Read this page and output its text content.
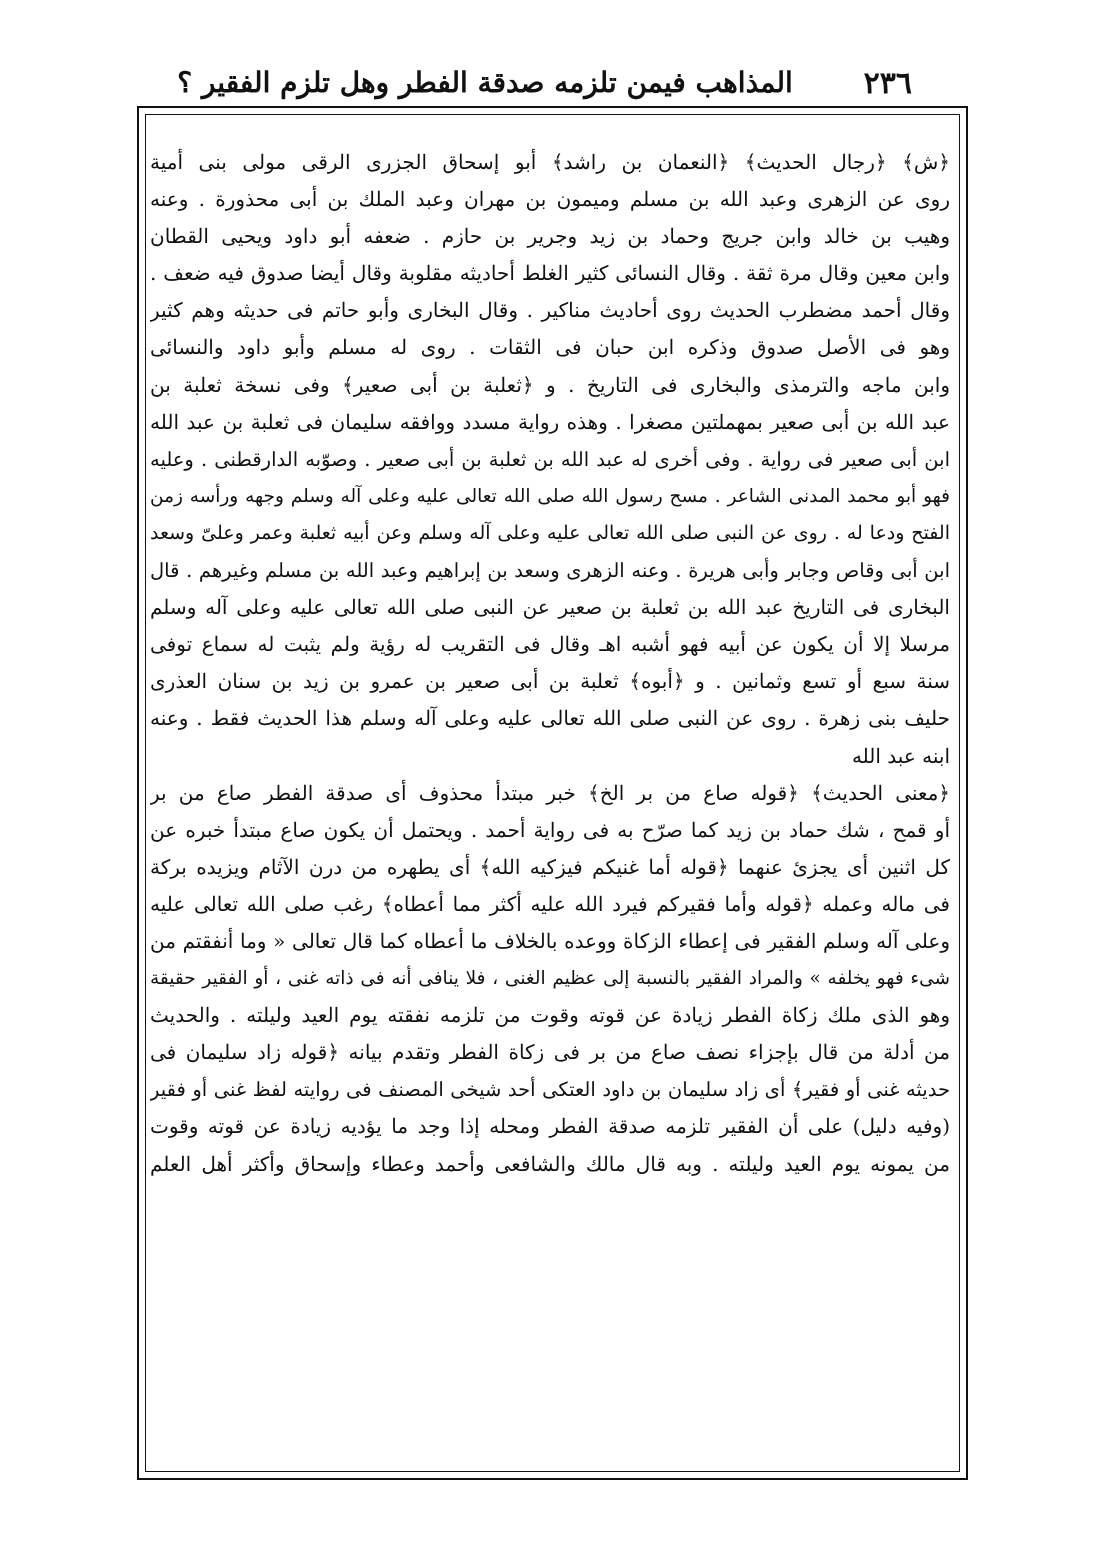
٢٣٦
المذاهب فيمن تلزمه صدقة الفطر وهل تلزم الفقير ؟
﴿ش﴾ ﴿رجال الحديث﴾ ﴿النعمان بن راشد﴾ أبو إسحاق الجزرى الرقى مولى بنى أمية
روى عن الزهرى وعبد الله بن مسلم وميمون بن مهران وعبد الملك بن أبى محذورة . وعنه
وهيب بن خالد وابن جريج وحماد بن زيد وجرير بن حازم . ضعفه أبو داود ويحيى القطان
وابن معين وقال مرة ثقة . وقال النسائى كثير الغلط أحاديثه مقلوبة وقال أيضا صدوق فيه ضعف .
وقال أحمد مضطرب الحديث روى أحاديث مناكير . وقال البخارى وأبو حاتم فى حديثه وهم كثير
وهو فى الأصل صدوق وذكره ابن حبان فى الثقات . روى له مسلم وأبو داود والنسائى
وابن ماجه والترمذى والبخارى فى التاريخ . و ﴿ثعلبة بن أبى صعير﴾ وفى نسخة ثعلبة بن
عبد الله بن أبى صعير بمهملتين مصغرا . وهذه رواية مسدد ووافقه سليمان فى ثعلبة بن عبد الله
ابن أبى صعير فى رواية . وفى أخرى له عبد الله بن ثعلبة بن أبى صعير . وصوّبه الدارقطنى . وعليه
فهو أبو محمد المدنى الشاعر . مسح رسول الله صلى الله تعالى عليه وعلى آله وسلم وجهه ورأسه زمن
الفتح ودعا له . روى عن النبى صلى الله تعالى عليه وعلى آله وسلم وعن أبيه ثعلبة وعمر وعلىّ وسعد
ابن أبى وقاص وجابر وأبى هريرة . وعنه الزهرى وسعد بن إبراهيم وعبد الله بن مسلم وغيرهم . قال
البخارى فى التاريخ عبد الله بن ثعلبة بن صعير عن النبى صلى الله تعالى عليه وعلى آله وسلم
مرسلا إلا أن يكون عن أبيه فهو أشبه اهـ وقال فى التقريب له رؤية ولم يثبت له سماع توفى
سنة سبع أو تسع وثمانين . و ﴿أبوه﴾ ثعلبة بن أبى صعير بن عمرو بن زيد بن سنان العذرى
حليف بنى زهرة . روى عن النبى صلى الله تعالى عليه وعلى آله وسلم هذا الحديث فقط . وعنه
ابنه عبد الله
﴿معنى الحديث﴾ ﴿قوله صاع من بر الخ﴾ خبر مبتدأ محذوف أى صدقة الفطر صاع من بر
أو قمح ، شك حماد بن زيد كما صرّح به فى رواية أحمد . ويحتمل أن يكون صاع مبتدأ خبره عن
كل اثنين أى يجزئ عنهما ﴿قوله أما غنيكم فيزكيه الله﴾ أى يطهره من درن الآثام ويزيده بركة
فى ماله وعمله ﴿قوله وأما فقيركم فيرد الله عليه أكثر مما أعطاه﴾ رغب صلى الله تعالى عليه
وعلى آله وسلم الفقير فى إعطاء الزكاة ووعده بالخلاف ما أعطاه كما قال تعالى « وما أنفقتم من
شىء فهو يخلفه » والمراد الفقير بالنسبة إلى عظيم الغنى ، فلا ينافى أنه فى ذاته غنى ، أو الفقير حقيقة
وهو الذى ملك زكاة الفطر زيادة عن قوته وقوت من تلزمه نفقته يوم العيد وليلته . والحديث
من أدلة من قال بإجزاء نصف صاع من بر فى زكاة الفطر وتقدم بيانه ﴿قوله زاد سليمان فى
حديثه غنى أو فقير﴾ أى زاد سليمان بن داود العتكى أحد شيخى المصنف فى روايته لفظ غنى أو فقير
(وفيه دليل) على أن الفقير تلزمه صدقة الفطر ومحله إذا وجد ما يؤديه زيادة عن قوته وقوت
من يمونه يوم العيد وليلته . وبه قال مالك والشافعى وأحمد وعطاء وإسحاق وأكثر أهل العلم
